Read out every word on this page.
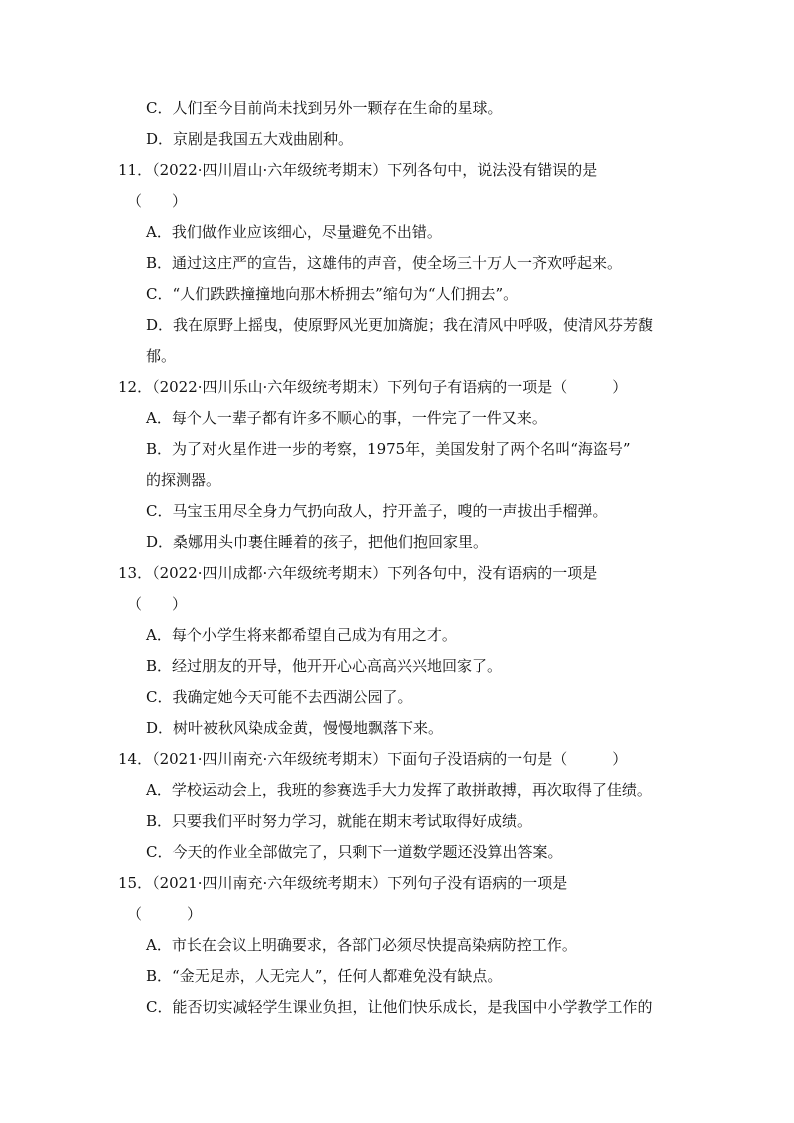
C．人们至今目前尚未找到另外一颗存在生命的星球。
D．京剧是我国五大戏曲剧种。
11．（2022·四川眉山·六年级统考期末）下列各句中，说法没有错误的是
（　　）
A．我们做作业应该细心，尽量避免不出错。
B．通过这庄严的宣告，这雄伟的声音，使全场三十万人一齐欢呼起来。
C．“人们跌跌撞撞地向那木桥拥去”缩句为“人们拥去”。
D．我在原野上摇曳，使原野风光更加旖旎；我在清风中呼吸，使清风芬芳馥
郁。
12．（2022·四川乐山·六年级统考期末）下列句子有语病的一项是（　　　）
A．每个人一辈子都有许多不顺心的事，一件完了一件又来。
B．为了对火星作进一步的考察，1975年，美国发射了两个名叫“海盗号”
的探测器。
C．马宝玉用尽全身力气扔向敌人，拧开盖子，嗖的一声拔出手榴弹。
D．桑娜用头巾裹住睡着的孩子，把他们抱回家里。
13．（2022·四川成都·六年级统考期末）下列各句中，没有语病的一项是
（　　）
A．每个小学生将来都希望自己成为有用之才。
B．经过朋友的开导，他开开心心高高兴兴地回家了。
C．我确定她今天可能不去西湖公园了。
D．树叶被秋风染成金黄，慢慢地飘落下来。
14．（2021·四川南充·六年级统考期末）下面句子没语病的一句是（　　　）
A．学校运动会上，我班的参赛选手大力发挥了敢拼敢搏，再次取得了佳绩。
B．只要我们平时努力学习，就能在期末考试取得好成绩。
C．今天的作业全部做完了，只剩下一道数学题还没算出答案。
15．（2021·四川南充·六年级统考期末）下列句子没有语病的一项是
（　　　）
A．市长在会议上明确要求，各部门必须尽快提高染病防控工作。
B．“金无足赤，人无完人”，任何人都难免没有缺点。
C．能否切实减轻学生课业负担，让他们快乐成长，是我国中小学教学工作的
